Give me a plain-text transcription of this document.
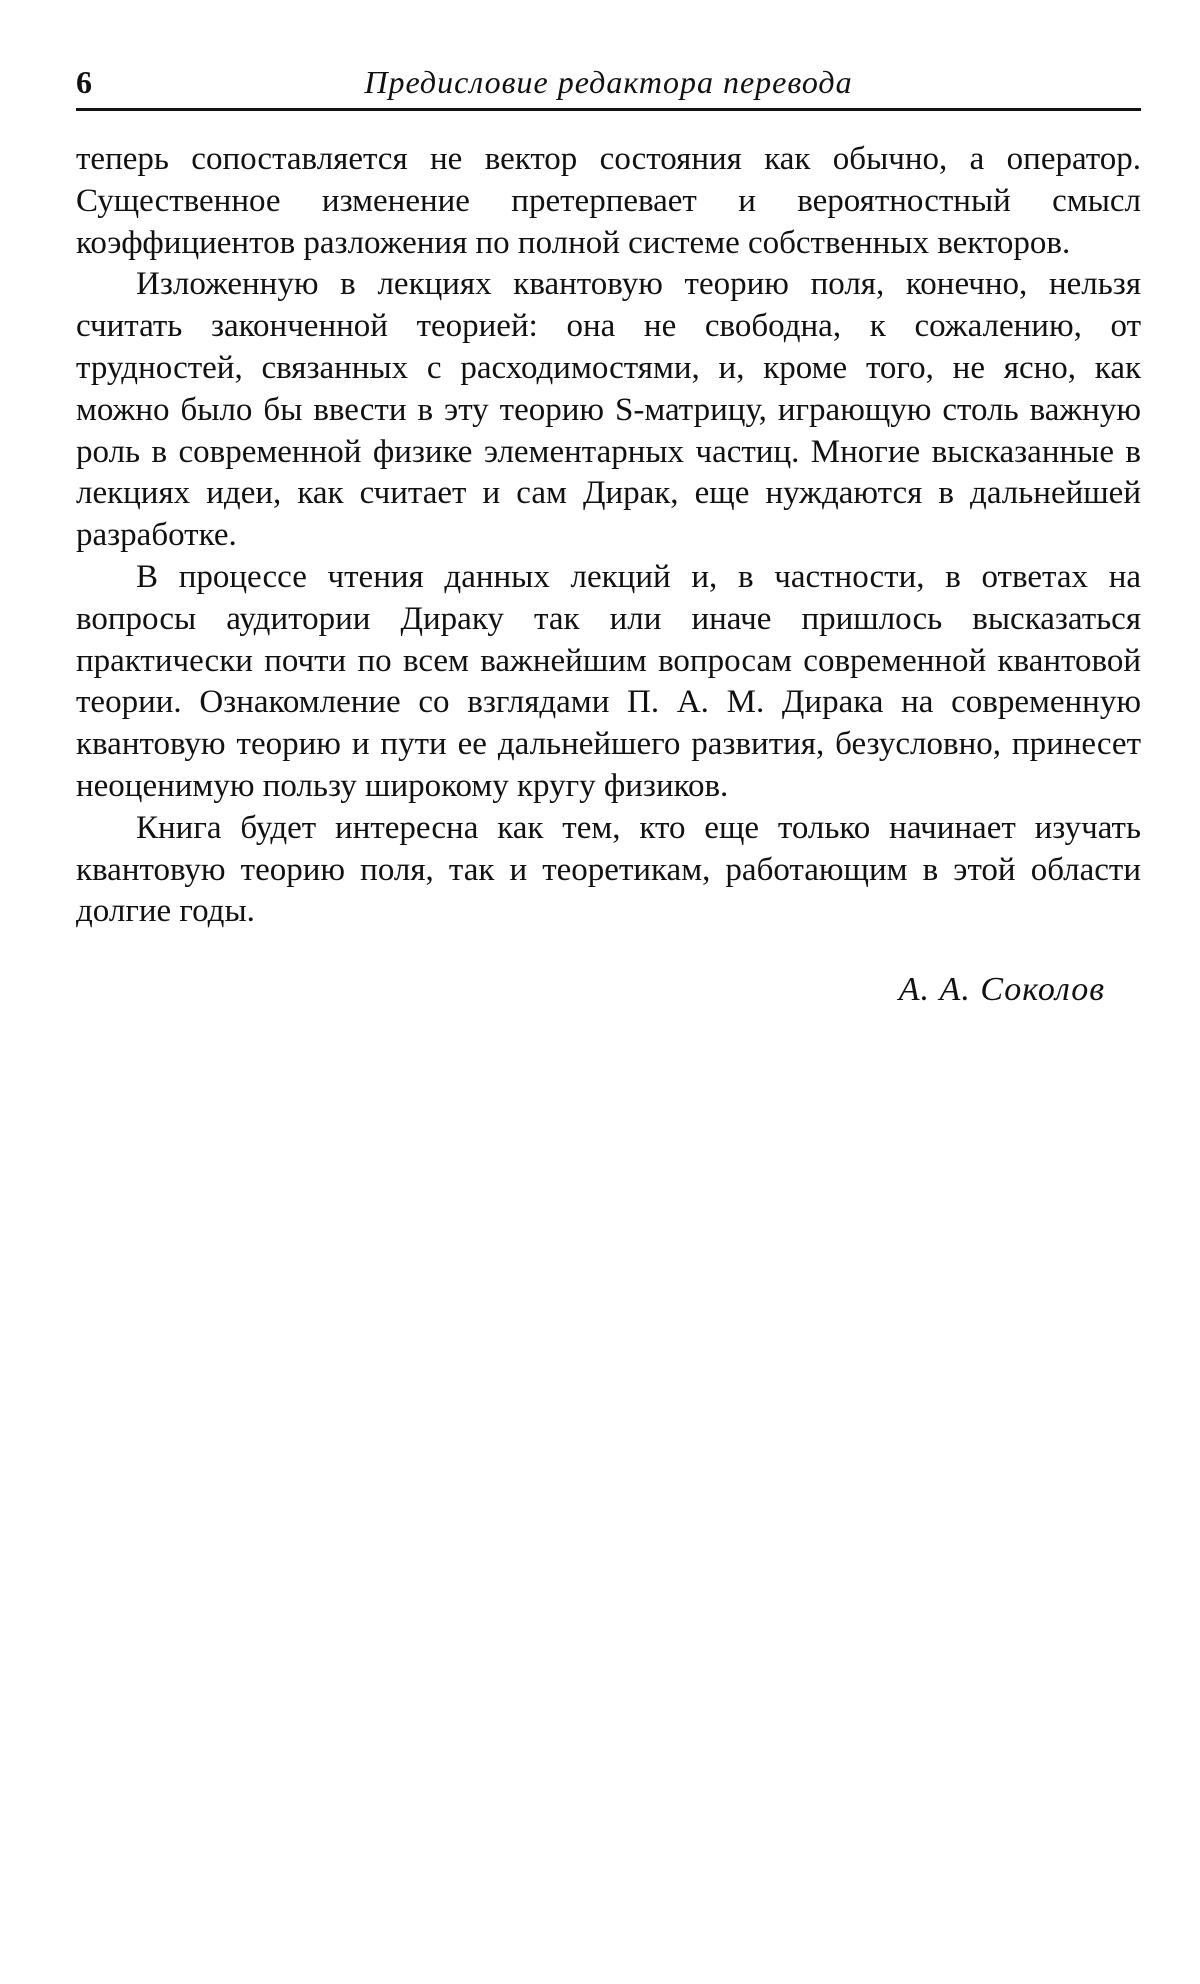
6	Предисловие редактора перевода

теперь сопоставляется не вектор состояния как обычно, а оператор. Существенное изменение претерпевает и вероятностный смысл коэффициентов разложения по полной системе собственных векторов.

Изложенную в лекциях квантовую теорию поля, конечно, нельзя считать законченной теорией: она не свободна, к сожалению, от трудностей, связанных с расходимостями, и, кроме того, не ясно, как можно было бы ввести в эту теорию S-матрицу, играющую столь важную роль в современной физике элементарных частиц. Многие высказанные в лекциях идеи, как считает и сам Дирак, еще нуждаются в дальнейшей разработке.

В процессе чтения данных лекций и, в частности, в ответах на вопросы аудитории Дираку так или иначе пришлось высказаться практически почти по всем важнейшим вопросам современной квантовой теории. Ознакомление со взглядами П. А. М. Дирака на современную квантовую теорию и пути ее дальнейшего развития, безусловно, принесет неоценимую пользу широкому кругу физиков.

Книга будет интересна как тем, кто еще только начинает изучать квантовую теорию поля, так и теоретикам, работающим в этой области долгие годы.

А. А. Соколов
